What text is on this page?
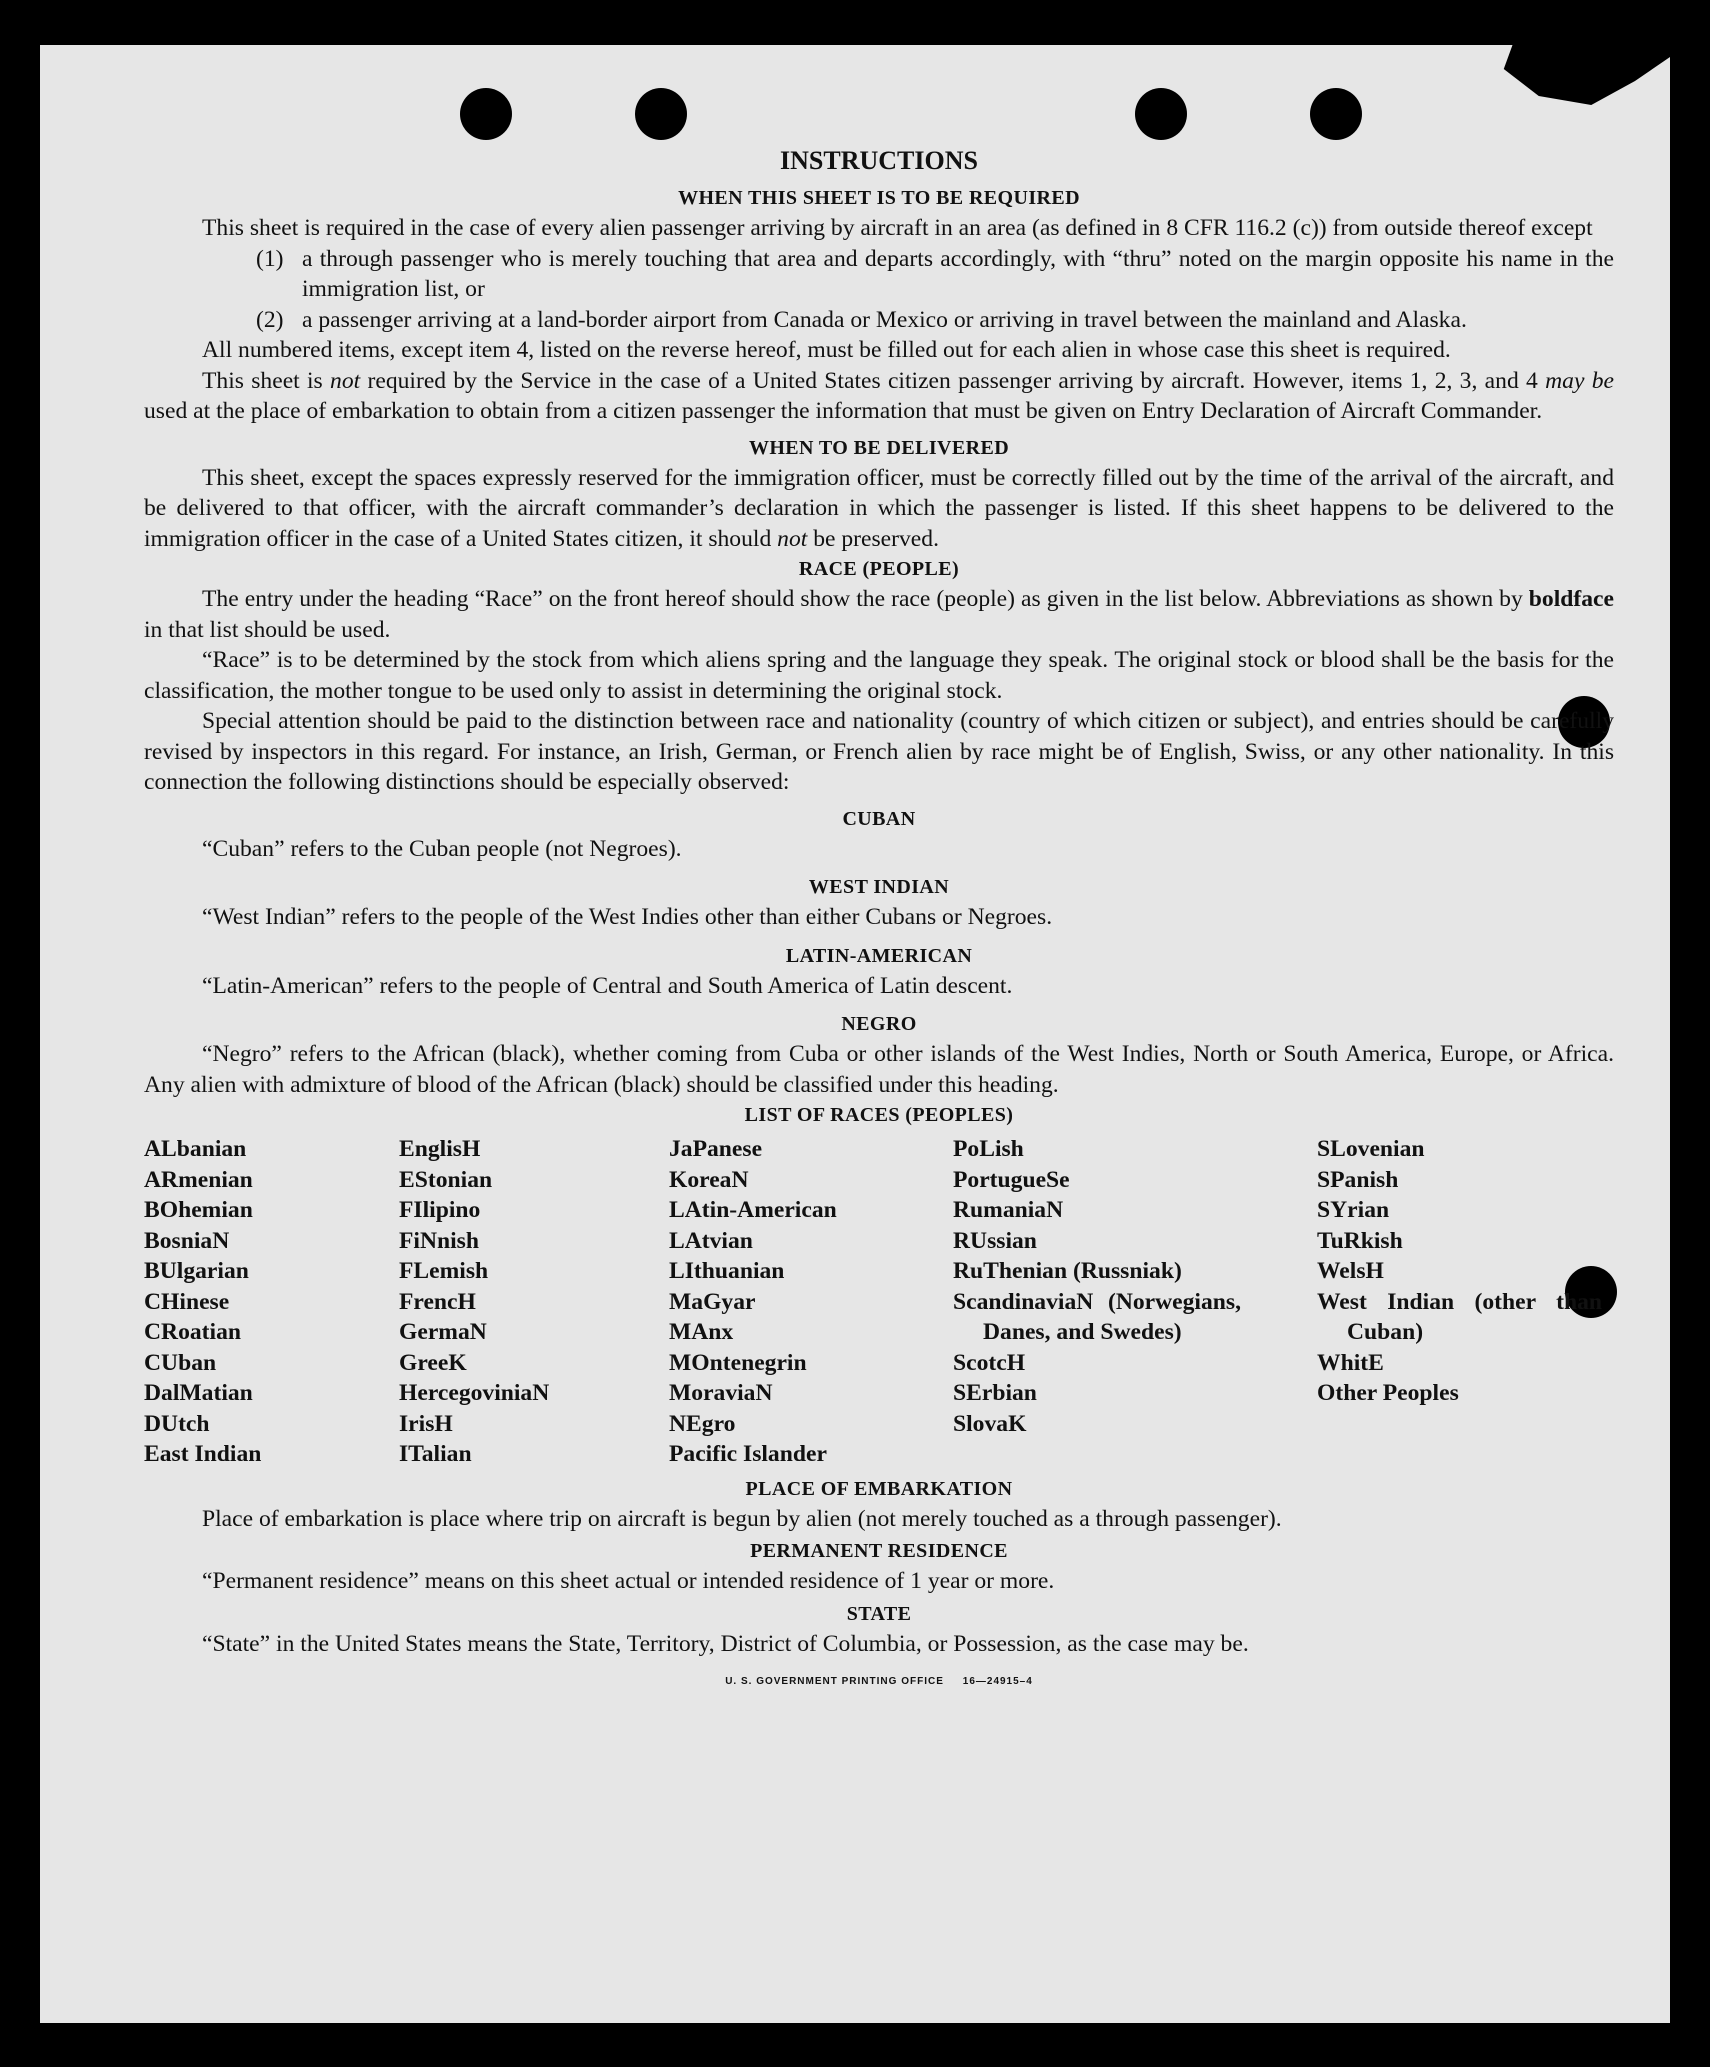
INSTRUCTIONS

WHEN THIS SHEET IS TO BE REQUIRED

This sheet is required in the case of every alien passenger arriving by aircraft in an area (as defined in 8 CFR 116.2 (c)) from outside thereof except

(1) a through passenger who is merely touching that area and departs accordingly, with “thru” noted on the margin opposite his name in the immigration list, or
(2) a passenger arriving at a land-border airport from Canada or Mexico or arriving in travel between the mainland and Alaska.

All numbered items, except item 4, listed on the reverse hereof, must be filled out for each alien in whose case this sheet is required.

This sheet is not required by the Service in the case of a United States citizen passenger arriving by aircraft. However, items 1, 2, 3, and 4 may be used at the place of embarkation to obtain from a citizen passenger the information that must be given on Entry Declaration of Aircraft Commander.

WHEN TO BE DELIVERED

This sheet, except the spaces expressly reserved for the immigration officer, must be correctly filled out by the time of the arrival of the aircraft, and be delivered to that officer, with the aircraft commander’s declaration in which the passenger is listed. If this sheet happens to be delivered to the immigration officer in the case of a United States citizen, it should not be preserved.

RACE (PEOPLE)

The entry under the heading “Race” on the front hereof should show the race (people) as given in the list below. Abbreviations as shown by boldface in that list should be used.

“Race” is to be determined by the stock from which aliens spring and the language they speak. The original stock or blood shall be the basis for the classification, the mother tongue to be used only to assist in determining the original stock.

Special attention should be paid to the distinction between race and nationality (country of which citizen or subject), and entries should be carefully revised by inspectors in this regard. For instance, an Irish, German, or French alien by race might be of English, Swiss, or any other nationality. In this connection the following distinctions should be especially observed:

CUBAN

“Cuban” refers to the Cuban people (not Negroes).

WEST INDIAN

“West Indian” refers to the people of the West Indies other than either Cubans or Negroes.

LATIN-AMERICAN

“Latin-American” refers to the people of Central and South America of Latin descent.

NEGRO

“Negro” refers to the African (black), whether coming from Cuba or other islands of the West Indies, North or South America, Europe, or Africa. Any alien with admixture of blood of the African (black) should be classified under this heading.

LIST OF RACES (PEOPLES)

ALbanian
ARmenian
BOhemian
BosniaN
BUlgarian
CHinese
CRoatian
CUban
DalMatian
DUtch
East Indian
EnglisH
EStonian
FIlipino
FiNnish
FLemish
FrencH
GermaN
GreeK
HercegoviniaN
IrisH
ITalian
JaPanese
KoreaN
LAtin-American
LAtvian
LIthuanian
MaGyar
MAnx
MOntenegrin
MoraviaN
NEgro
Pacific Islander
PoLish
PortugueSe
RumaniaN
RUssian
RuThenian (Russniak)
ScandinaviaN (Norwegians, Danes, and Swedes)
ScotcH
SErbian
SlovaK
SLovenian
SPanish
SYrian
TuRkish
WelsH
West Indian (other than Cuban)
WhitE
Other Peoples

PLACE OF EMBARKATION

Place of embarkation is place where trip on aircraft is begun by alien (not merely touched as a through passenger).

PERMANENT RESIDENCE

“Permanent residence” means on this sheet actual or intended residence of 1 year or more.

STATE

“State” in the United States means the State, Territory, District of Columbia, or Possession, as the case may be.

U. S. GOVERNMENT PRINTING OFFICE     16—24915–4
